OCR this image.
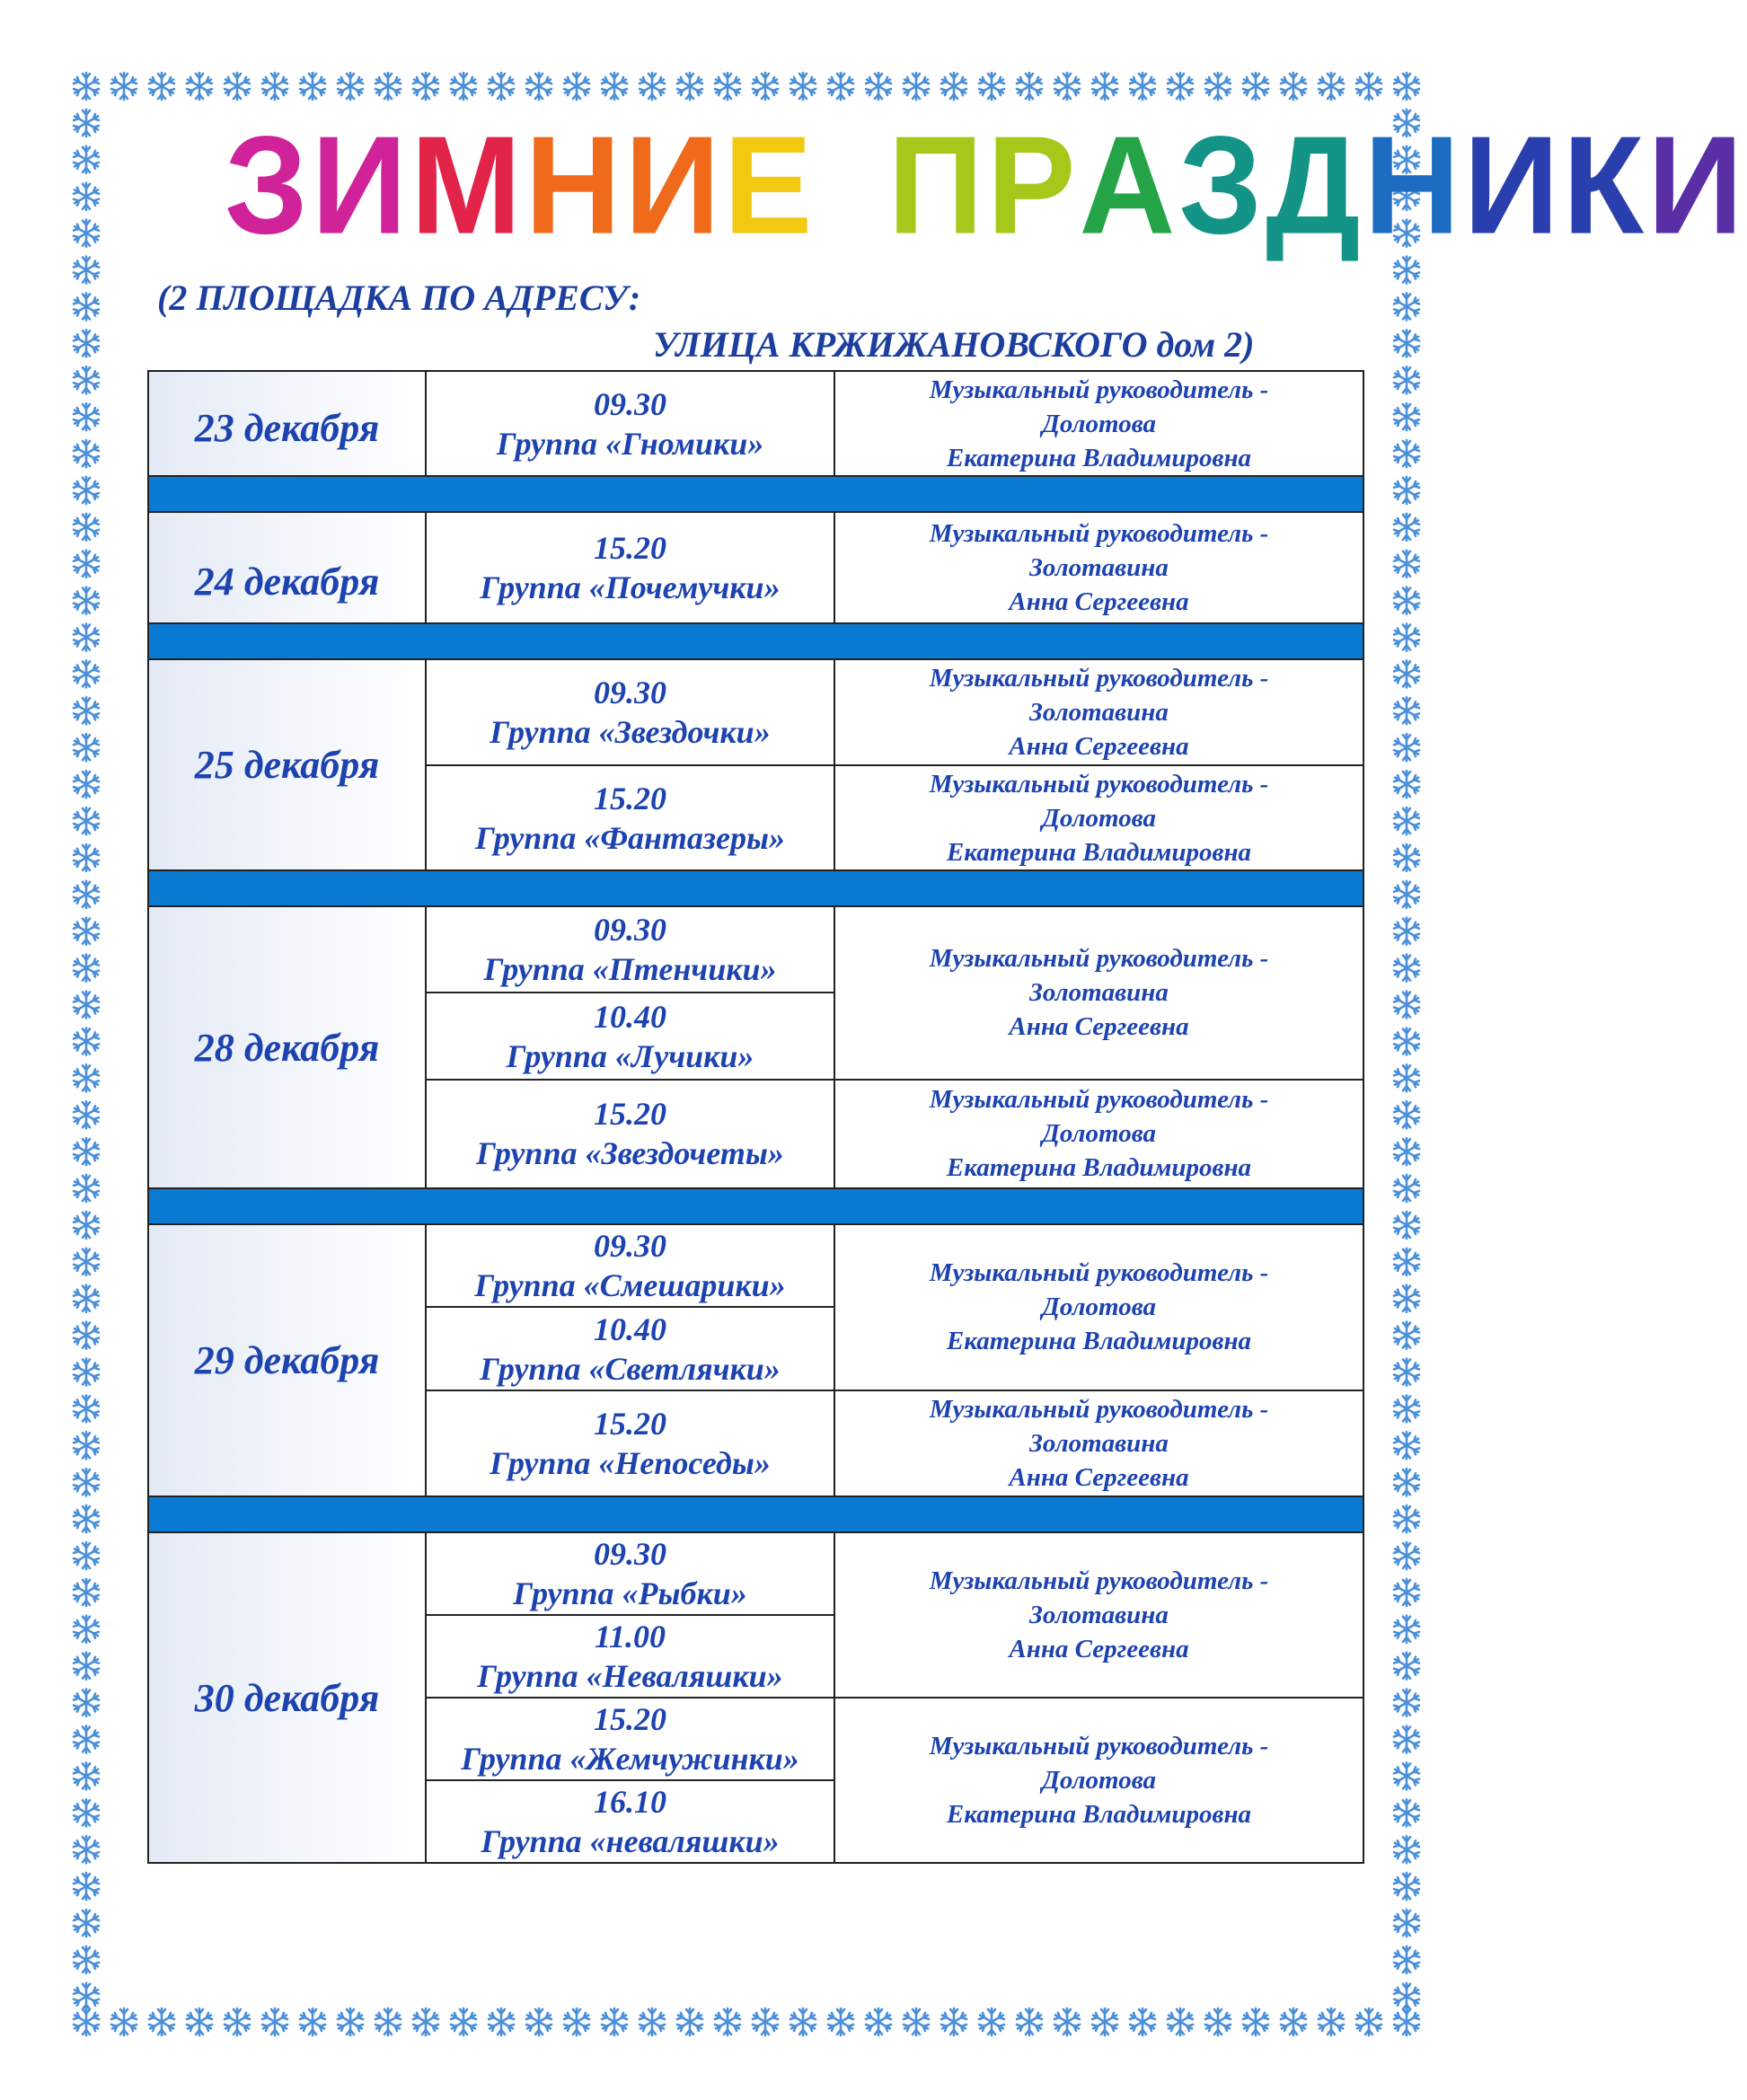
ЗИМНИЕ ПРАЗДНИКИ
(2 ПЛОЩАДКА ПО АДРЕСУ:
УЛИЦА КРЖИЖАНОВСКОГО дом 2)
23 декабря
09.30
Группа «Гномики»
Музыкальный руководитель -
Долотова
Екатерина Владимировна
24 декабря
15.20
Группа «Почемучки»
Музыкальный руководитель -
Золотавина
Анна Сергеевна
25 декабря
09.30
Группа «Звездочки»
Музыкальный руководитель -
Золотавина
Анна Сергеевна
15.20
Группа «Фантазеры»
Музыкальный руководитель -
Долотова
Екатерина Владимировна
28 декабря
09.30
Группа «Птенчики»
10.40
Группа «Лучики»
Музыкальный руководитель -
Золотавина
Анна Сергеевна
15.20
Группа «Звездочеты»
Музыкальный руководитель -
Долотова
Екатерина Владимировна
29 декабря
09.30
Группа «Смешарики»
10.40
Группа «Светлячки»
Музыкальный руководитель -
Долотова
Екатерина Владимировна
15.20
Группа «Непоседы»
Музыкальный руководитель -
Золотавина
Анна Сергеевна
30 декабря
09.30
Группа «Рыбки»
11.00
Группа «Неваляшки»
Музыкальный руководитель -
Золотавина
Анна Сергеевна
15.20
Группа «Жемчужинки»
16.10
Группа «неваляшки»
Музыкальный руководитель -
Долотова
Екатерина Владимировна
